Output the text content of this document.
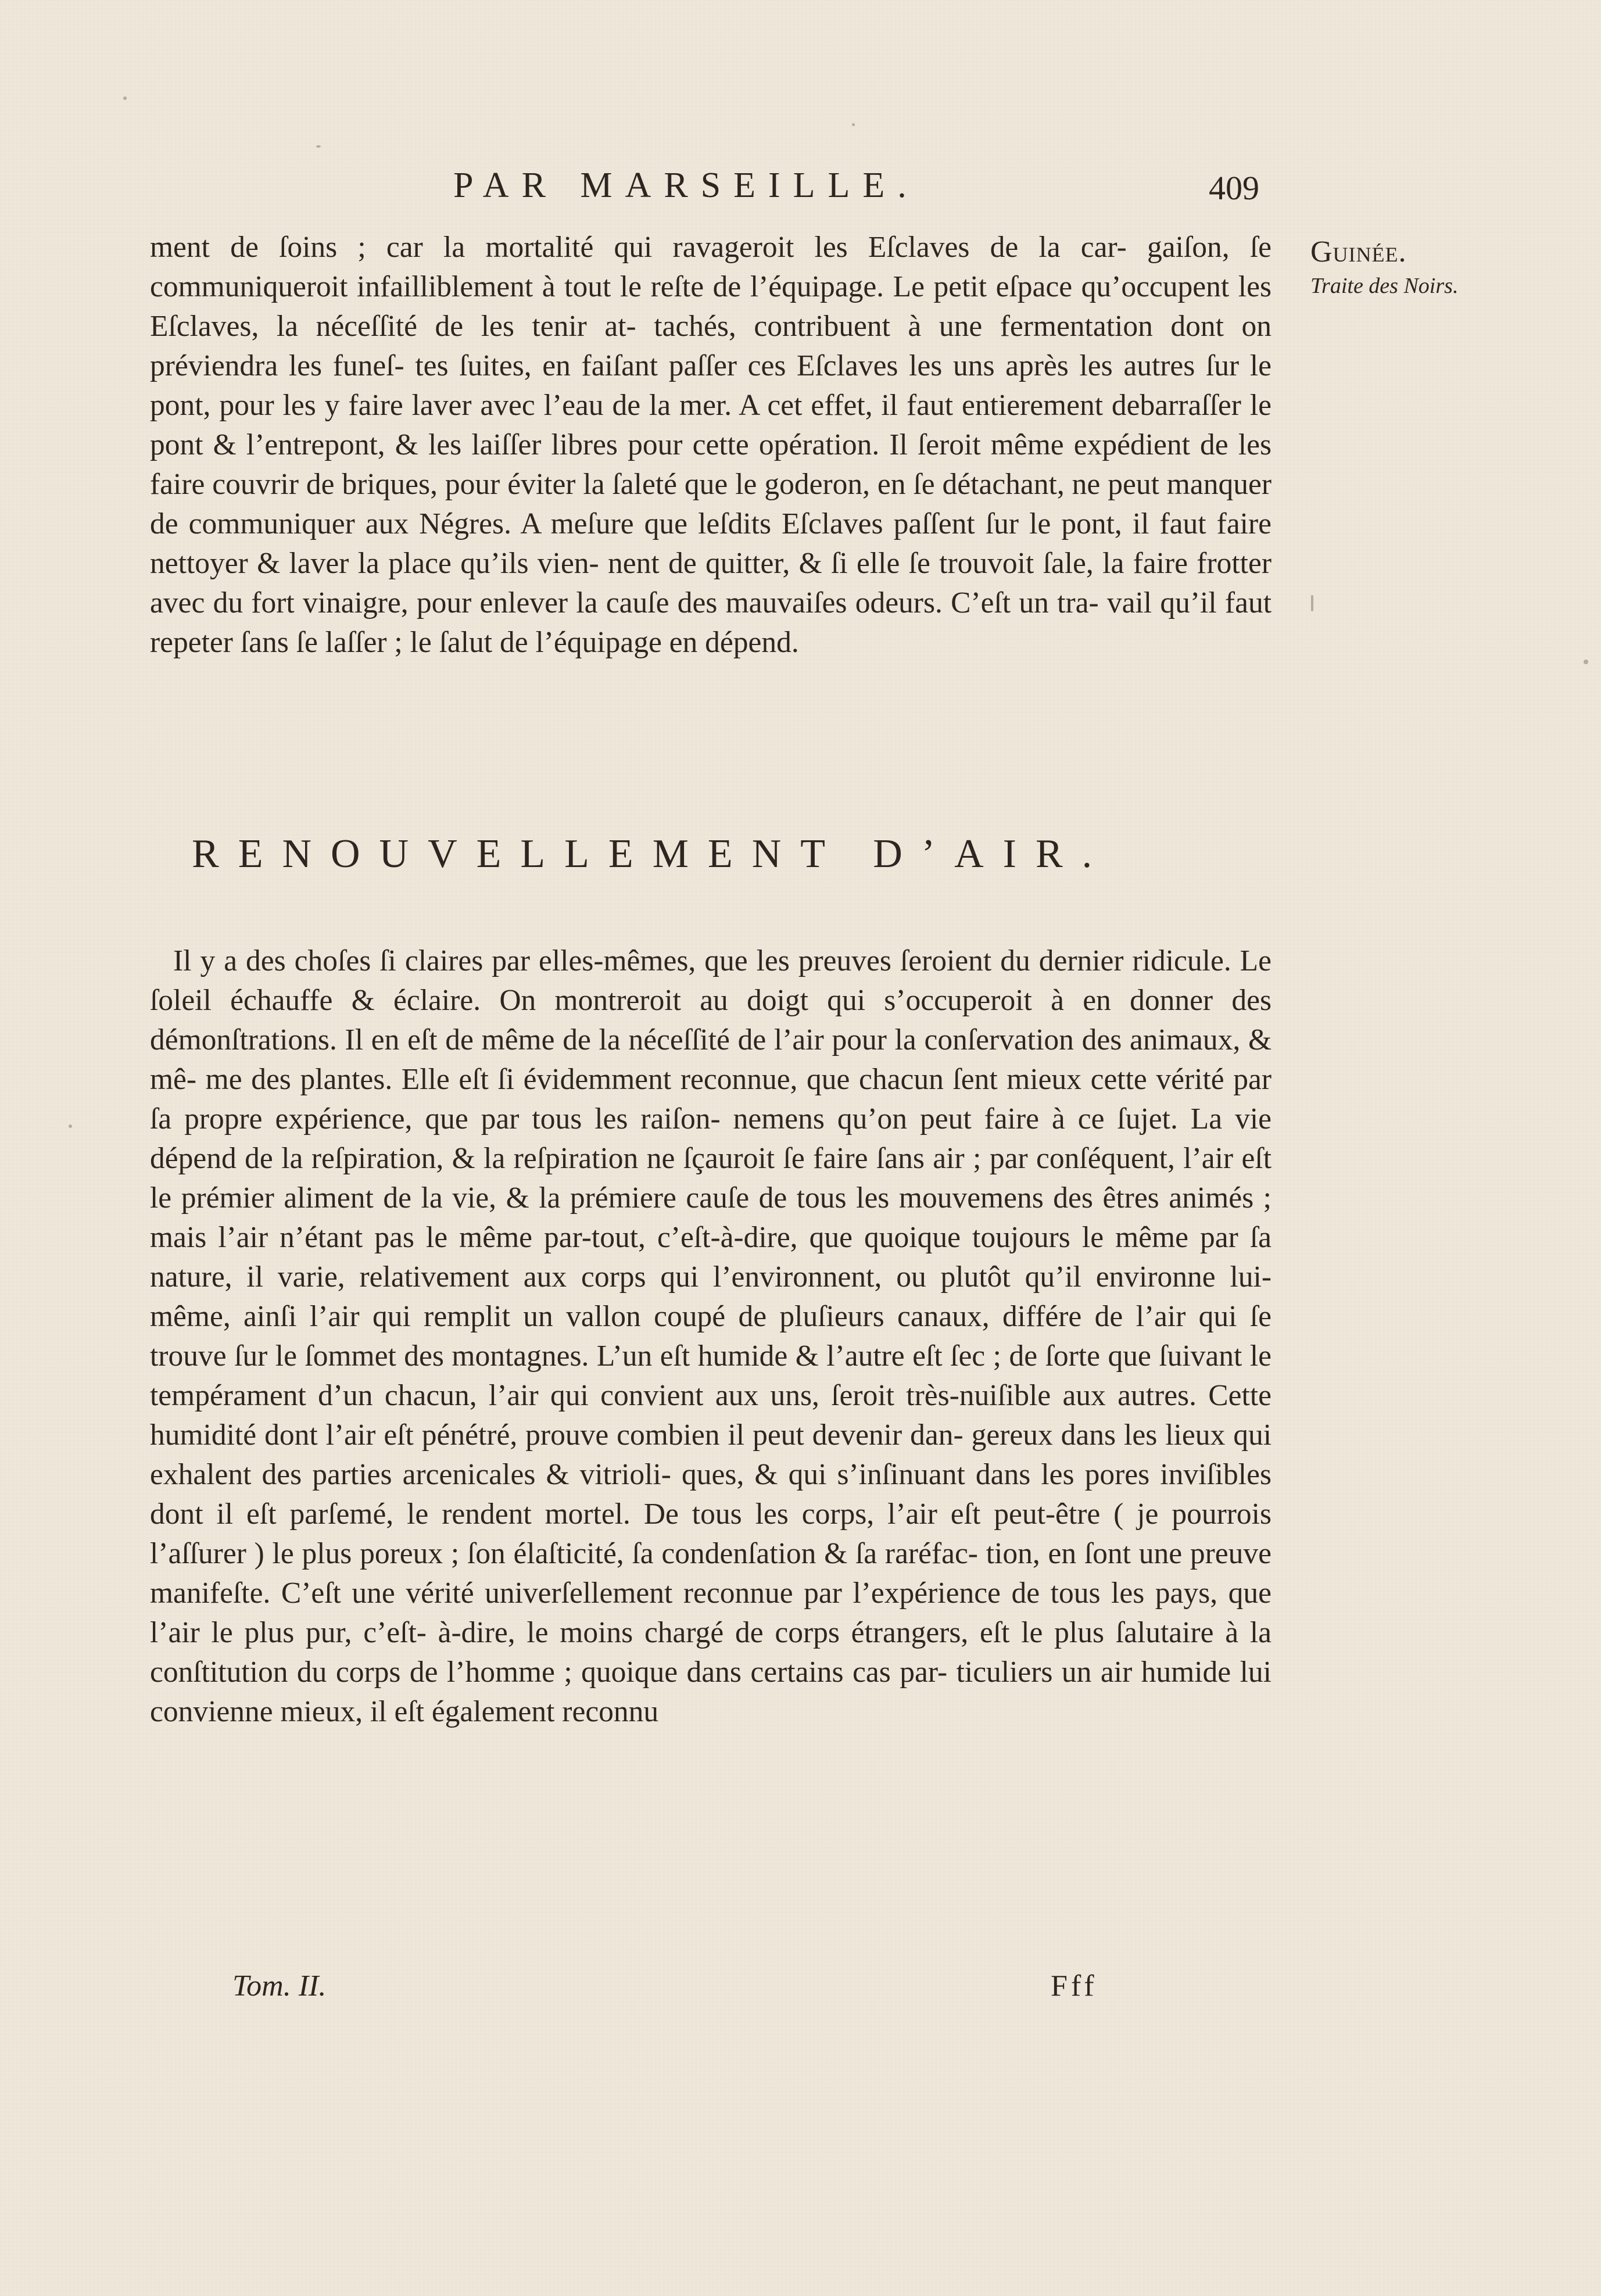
PAR MARSEILLE.	409
Guinée.
Traite des Noirs.
ment de ſoins ; car la mortalité qui ravageroit les Eſclaves de la car- gaiſon, ſe communiqueroit infailliblement à tout le reſte de l’équipage. Le petit eſpace qu’occupent les Eſclaves, la néceſſité de les tenir at- tachés, contribuent à une fermentation dont on préviendra les funeſ- tes ſuites, en faiſant paſſer ces Eſclaves les uns après les autres ſur le pont, pour les y faire laver avec l’eau de la mer. A cet effet, il faut entierement debarraſſer le pont & l’entrepont, & les laiſſer libres pour cette opération. Il ſeroit même expédient de les faire couvrir de briques, pour éviter la ſaleté que le goderon, en ſe détachant, ne peut manquer de communiquer aux Négres. A meſure que leſdits Eſclaves paſſent ſur le pont, il faut faire nettoyer & laver la place qu’ils vien- nent de quitter, & ſi elle ſe trouvoit ſale, la faire frotter avec du fort vinaigre, pour enlever la cauſe des mauvaiſes odeurs. C’eſt un tra- vail qu’il faut repeter ſans ſe laſſer ; le ſalut de l’équipage en dépend.
RENOUVELLEMENT D’AIR.
Il y a des choſes ſi claires par elles-mêmes, que les preuves ſeroient du dernier ridicule. Le ſoleil échauffe & éclaire. On montreroit au doigt qui s’occuperoit à en donner des démonſtrations. Il en eſt de même de la néceſſité de l’air pour la conſervation des animaux, & mê- me des plantes. Elle eſt ſi évidemment reconnue, que chacun ſent mieux cette vérité par ſa propre expérience, que par tous les raiſon- nemens qu’on peut faire à ce ſujet. La vie dépend de la reſpiration, & la reſpiration ne ſçauroit ſe faire ſans air ; par conſéquent, l’air eſt le prémier aliment de la vie, & la prémiere cauſe de tous les mouvemens des êtres animés ; mais l’air n’étant pas le même par-tout, c’eſt-à-dire, que quoique toujours le même par ſa nature, il varie, relativement aux corps qui l’environnent, ou plutôt qu’il environne lui- même, ainſi l’air qui remplit un vallon coupé de pluſieurs canaux, différe de l’air qui ſe trouve ſur le ſommet des montagnes. L’un eſt humide & l’autre eſt ſec ; de ſorte que ſuivant le tempérament d’un chacun, l’air qui convient aux uns, ſeroit très-nuiſible aux autres. Cette humidité dont l’air eſt pénétré, prouve combien il peut devenir dan- gereux dans les lieux qui exhalent des parties arcenicales & vitrioli- ques, & qui s’inſinuant dans les pores inviſibles dont il eſt parſemé, le rendent mortel. De tous les corps, l’air eſt peut-être ( je pourrois l’aſſurer ) le plus poreux ; ſon élaſticité, ſa condenſation & ſa raréfac- tion, en ſont une preuve manifeſte. C’eſt une vérité univerſellement reconnue par l’expérience de tous les pays, que l’air le plus pur, c’eſt- à-dire, le moins chargé de corps étrangers, eſt le plus ſalutaire à la conſtitution du corps de l’homme ; quoique dans certains cas par- ticuliers un air humide lui convienne mieux, il eſt également reconnu
Tom. II.	Fff
